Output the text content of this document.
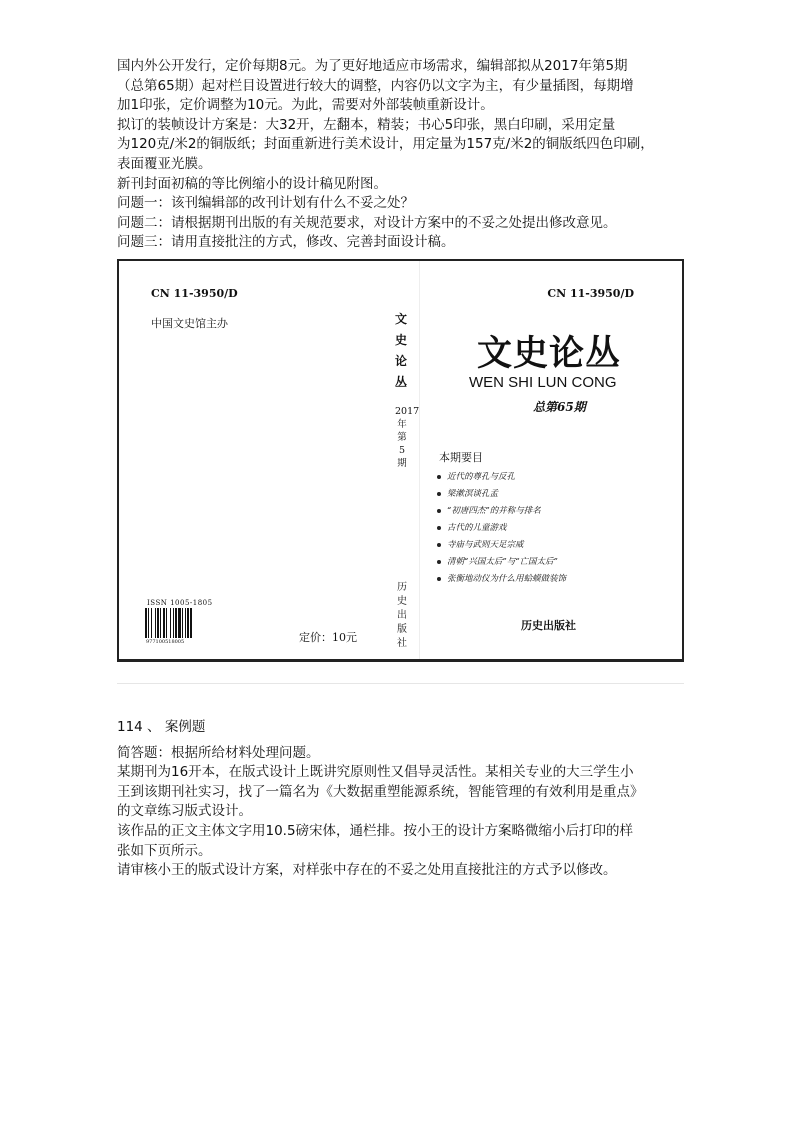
国内外公开发行，定价每期8元。为了更好地适应市场需求，编辑部拟从2017年第5期
（总第65期）起对栏目设置进行较大的调整，内容仍以文字为主，有少量插图，每期增
加1印张，定价调整为10元。为此，需要对外部装帧重新设计。
拟订的装帧设计方案是：大32开，左翻本，精装；书心5印张，黑白印刷，采用定量
为120克/米2的铜版纸；封面重新进行美术设计，用定量为157克/米2的铜版纸四色印刷，
表面覆亚光膜。
新刊封面初稿的等比例缩小的设计稿见附图。
问题一：该刊编辑部的改刊计划有什么不妥之处？
问题二：请根据期刊出版的有关规范要求，对设计方案中的不妥之处提出修改意见。
问题三：请用直接批注的方式，修改、完善封面设计稿。
CN 11-3950/D	CN 11-3950/D
中国文史馆主办	文史论丛
2017年第5期
历史出版社
文史论丛
WEN SHI LUN CONG
总第65期
本期要目
近代的尊孔与反孔
梁漱溟谈孔孟
“初唐四杰”的并称与排名
古代的儿童游戏
寺庙与武则天足宗威
清朝“兴国太后”与“亡国太后”
张衡地动仪为什么用蛤蟆做装饰
ISSN 1005-1805
977100518005	定价：10元
历史出版社
114 、 案例题
简答题：根据所给材料处理问题。
某期刊为16开本，在版式设计上既讲究原则性又倡导灵活性。某相关专业的大三学生小
王到该期刊社实习，找了一篇名为《大数据重塑能源系统，智能管理的有效利用是重点》
的文章练习版式设计。
该作品的正文主体文字用10.5磅宋体，通栏排。按小王的设计方案略微缩小后打印的样
张如下页所示。
请审核小王的版式设计方案，对样张中存在的不妥之处用直接批注的方式予以修改。
